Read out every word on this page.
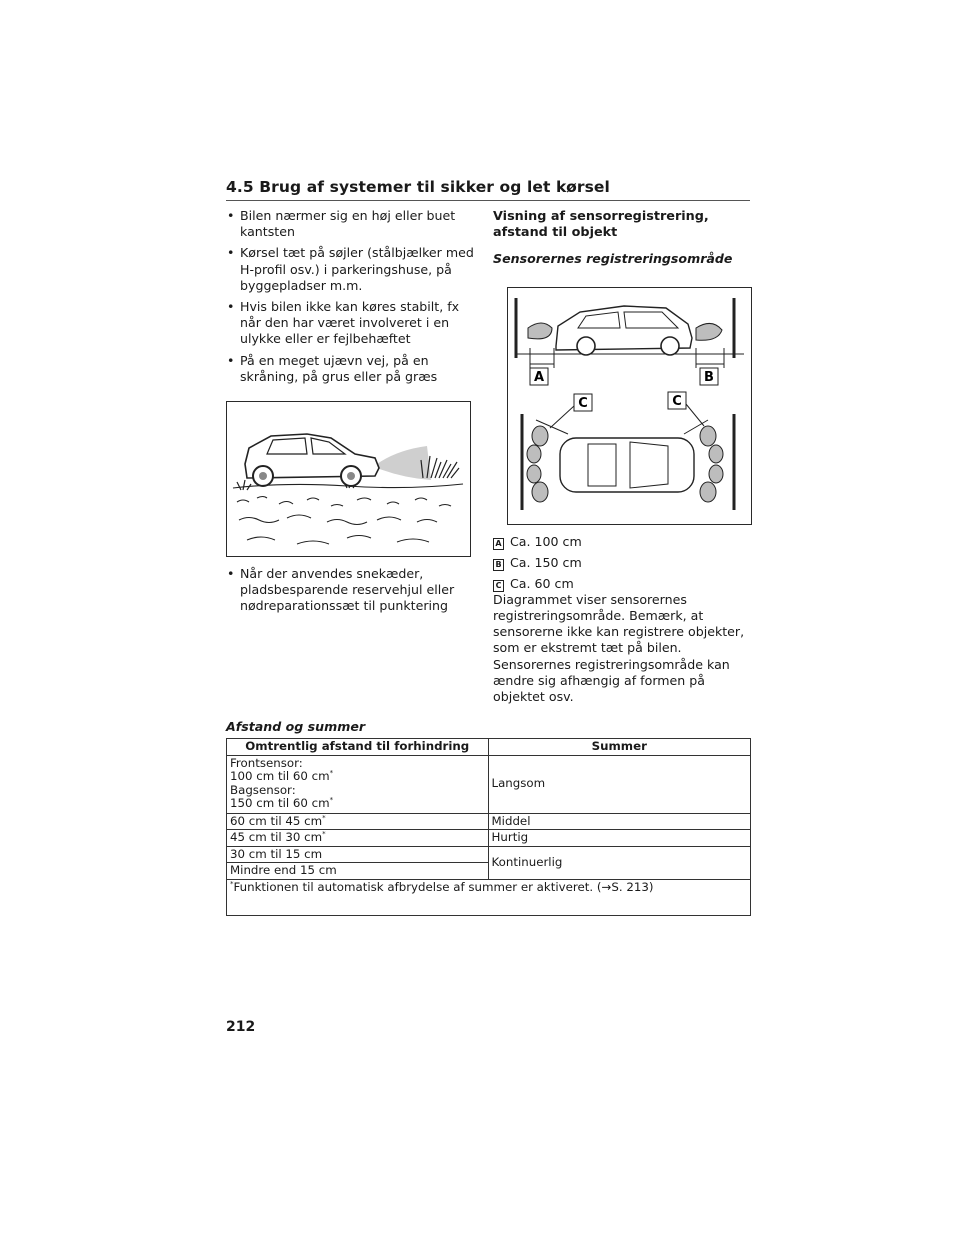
4.5 Brug af systemer til sikker og let kørsel
• Bilen nærmer sig en høj eller buet kantsten
• Kørsel tæt på søjler (stålbjælker med H-profil osv.) i parkeringshuse, på byggepladser m.m.
• Hvis bilen ikke kan køres stabilt, fx når den har været involveret i en ulykke eller er fejlbehæftet
• På en meget ujævn vej, på en skråning, på grus eller på græs
• Når der anvendes snekæder, pladsbesparende reservehjul eller nødreparationssæt til punktering
Visning af sensorregistrering, afstand til objekt
Sensorernes registreringsområde
A	B
C	C
A Ca. 100 cm
B Ca. 150 cm
C Ca. 60 cm
Diagrammet viser sensorernes registreringsområde. Bemærk, at sensorerne ikke kan registrere objekter, som er ekstremt tæt på bilen.
Sensorernes registreringsområde kan ændre sig afhængig af formen på objektet osv.
Afstand og summer
Omtrentlig afstand til forhindring	Summer

Frontsensor:
100 cm til 60 cm*
Bagsensor:
150 cm til 60 cm*	Langsom
60 cm til 45 cm*	Middel
45 cm til 30 cm*	Hurtig
30 cm til 15 cm	Kontinuerlig
Mindre end 15 cm	
*Funktionen til automatisk afbrydelse af summer er aktiveret. (→S. 213)	
212
